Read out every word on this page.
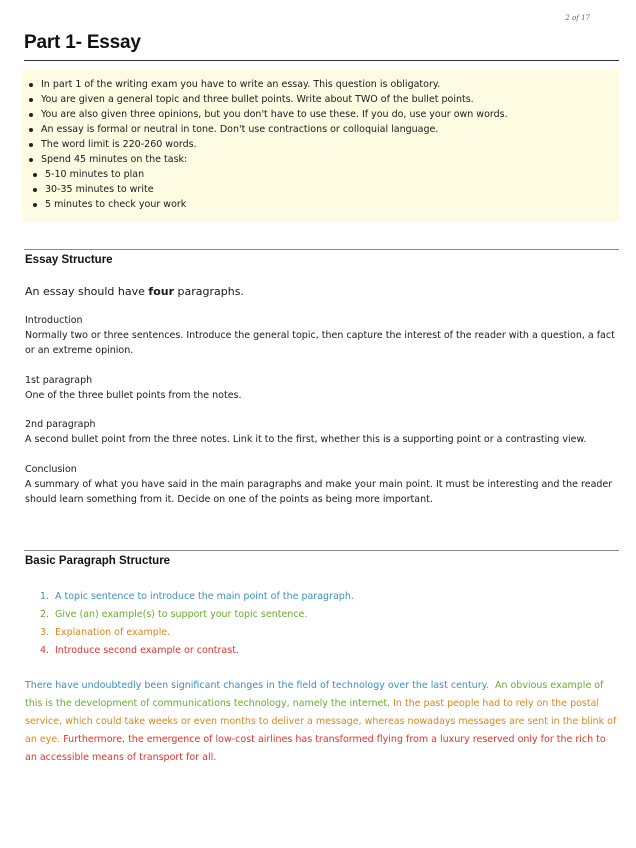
2 of 17
Part 1- Essay
In part 1 of the writing exam you have to write an essay. This question is obligatory.
You are given a general topic and three bullet points. Write about TWO of the bullet points.
You are also given three opinions, but you don't have to use these. If you do, use your own words.
An essay is formal or neutral in tone. Don't use contractions or colloquial language.
The word limit is 220-260 words.
Spend 45 minutes on the task:
5-10 minutes to plan
30-35 minutes to write
5 minutes to check your work
Essay Structure

An essay should have four paragraphs.

Introduction

Normally two or three sentences. Introduce the general topic, then capture the interest of the reader with a question, a fact or an extreme opinion.

1st paragraph

One of the three bullet points from the notes.

2nd paragraph

A second bullet point from the three notes. Link it to the first, whether this is a supporting point or a contrasting view.

Conclusion

A summary of what you have said in the main paragraphs and make your main point. It must be interesting and the reader should learn something from it. Decide on one of the points as being more important.

Basic Paragraph Structure
1. A topic sentence to introduce the main point of the paragraph.
2. Give (an) example(s) to support your topic sentence.
3. Explanation of example.
4. Introduce second example or contrast.

There have undoubtedly been significant changes in the field of technology over the last century. An obvious example of this is the development of communications technology, namely the internet. In the past people had to rely on the postal service, which could take weeks or even months to deliver a message, whereas nowadays messages are sent in the blink of an eye. Furthermore, the emergence of low-cost airlines has transformed flying from a luxury reserved only for the rich to an accessible means of transport for all.
